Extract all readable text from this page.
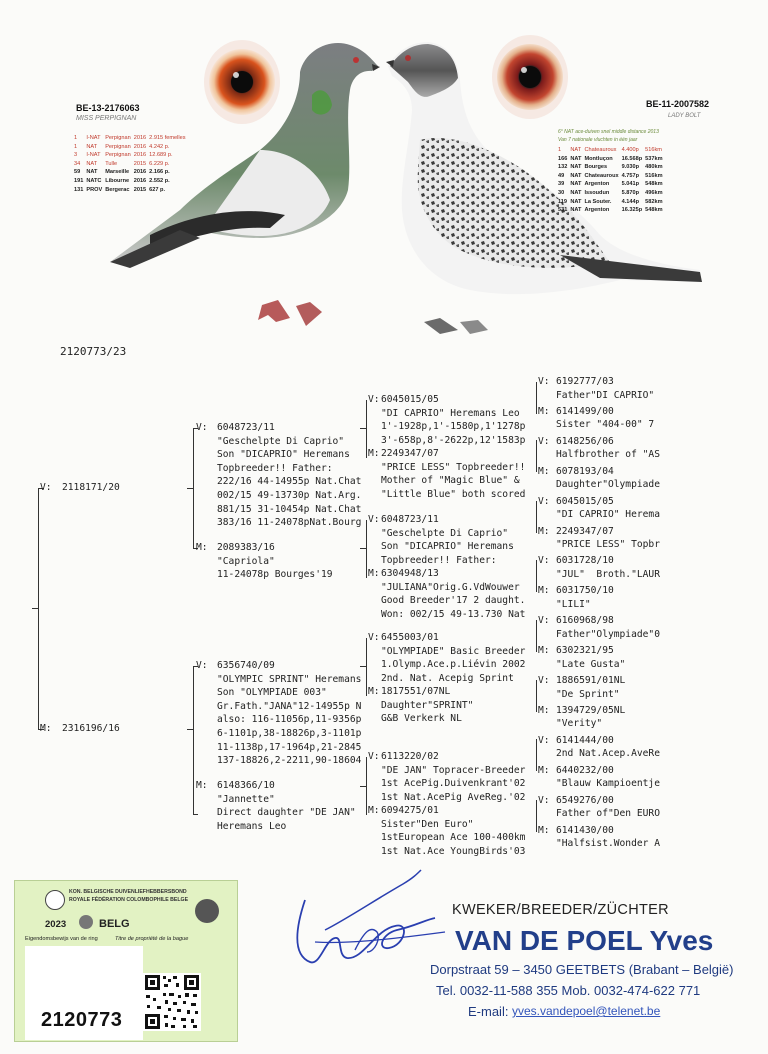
BE-13-2176063
MISS PERPIGNAN
1	I-NAT	Perpignan	2016	2.915 femelles
1	NAT	Perpignan	2016	4.242 p.
3	I-NAT	Perpignan	2016	12.689 p.
34	NAT	Tulle	2015	6.229 p.
59	NAT	Marseille	2016	2.166 p.
191	NATC	Libourne	2016	2.552 p.
131	PROV	Bergerac	2015	627 p.
BE-11-2007582
LADY BOLT
6° NAT ace-duiven snel middle distance 2013
Van 7 nationale vluchten in één jaar
1	NAT	Chateauroux	4.400p	516km
166	NAT	Montluçon	16.568p	537km
132	NAT	Bourges	9.030p	480km
49	NAT	Chateauroux	4.757p	516km
39	NAT	Argenton	5.041p	548km
30	NAT	Issoudun	5.870p	496km
119	NAT	La Souter.	4.144p	582km
531	NAT	Argenton	16.325p	548km
2120773/23
V: 2118171/20
M: 2316196/16
V: 6048723/11
"Geschelpte Di Caprio"
Son "DICAPRIO" Heremans
Topbreeder!! Father:
222/16 44-14955p Nat.Chat
002/15 49-13730p Nat.Arg.
881/15 31-10454p Nat.Chat
383/16 11-24078pNat.Bourg
M: 2089383/16
"Capriola"
11-24078p Bourges'19
V: 6356740/09
"OLYMPIC SPRINT" Heremans
Son "OLYMPIADE 003"
Gr.Fath."JANA"12-14955p N
also: 116-11056p,11-9356p
6-1101p,38-18826p,3-1101p
11-1138p,17-1964p,21-2845
137-18826,2-2211,90-18604
M: 6148366/10
"Jannette"
Direct daughter "DE JAN"
Heremans Leo
V: 6045015/05
"DI CAPRIO" Heremans Leo
1'-1928p,1'-1580p,1'1278p
3'-658p,8'-2622p,12'1583p
M: 2249347/07
"PRICE LESS" Topbreeder!!
Mother of "Magic Blue" &
"Little Blue" both scored
V: 6048723/11
"Geschelpte Di Caprio"
Son "DICAPRIO" Heremans
Topbreeder!! Father:
M: 6304948/13
"JULIANA"Orig.G.VdWouwer
Good Breeder'17 2 daught.
Won: 002/15 49-13.730 Nat
V: 6455003/01
"OLYMPIADE" Basic Breeder
1.Olymp.Ace.p.Liévin 2002
2nd. Nat. Acepig Sprint
M: 1817551/07NL
Daughter"SPRINT"
G&B Verkerk NL
V: 6113220/02
"DE JAN" Topracer-Breeder
1st AcePig.Duivenkrant'02
1st Nat.AcePig AveReg.'02
M: 6094275/01
Sister"Den Euro"
1stEuropean Ace 100-400km
1st Nat.Ace YoungBirds'03
V: 6192777/03
Father"DI CAPRIO"
M: 6141499/00
Sister "404-00" 7
V: 6148256/06
Halfbrother of "AS
M: 6078193/04
Daughter"Olympiade
V: 6045015/05
"DI CAPRIO" Herema
M: 2249347/07
"PRICE LESS" Topbr
V: 6031728/10
"JUL"  Broth."LAUR
M: 6031750/10
"LILI"
V: 6160968/98
Father"Olympiade"0
M: 6302321/95
"Late Gusta"
V: 1886591/01NL
"De Sprint"
M: 1394729/05NL
"Verity"
V: 6141444/00
2nd Nat.Acep.AveRe
M: 6440232/00
"Blauw Kampioentje
V: 6549276/00
Father of"Den EURO
M: 6141430/00
"Halfsist.Wonder A
KWEKER/BREEDER/ZÜCHTER
VAN DE POEL Yves
Dorpstraat 59 – 3450 GEETBETS (Brabant – België)
Tel. 0032-11-588 355 Mob. 0032-474-622 771
E-mail: yves.vandepoel@telenet.be
KON. BELGISCHE DUIVENLIEFHEBBERSBOND
ROYALE FÉDÉRATION COLOMBOPHILE BELGE
2023	BELG
Eigendomsbewijs van de ring	Titre de propriété de la bague
2120773
